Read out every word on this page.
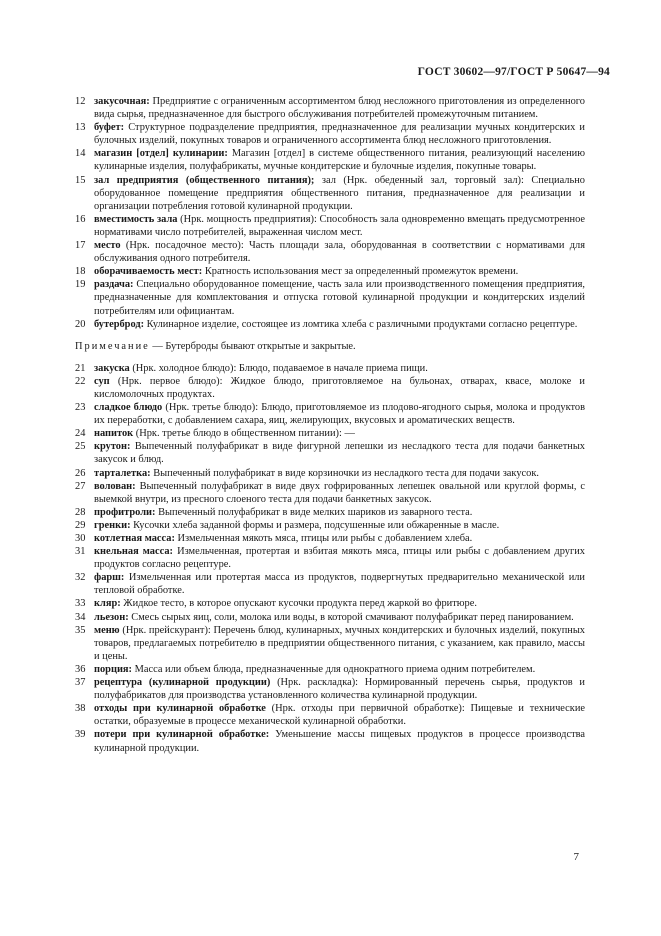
ГОСТ 30602—97/ГОСТ Р 50647—94
12 закусочная: Предприятие с ограниченным ассортиментом блюд несложного приготовления из определенного вида сырья, предназначенное для быстрого обслуживания потребителей промежуточным питанием.
13 буфет: Структурное подразделение предприятия, предназначенное для реализации мучных кондитерских и булочных изделий, покупных товаров и ограниченного ассортимента блюд несложного приготовления.
14 магазин [отдел] кулинарии: Магазин [отдел] в системе общественного питания, реализующий населению кулинарные изделия, полуфабрикаты, мучные кондитерские и булочные изделия, покупные товары.
15 зал предприятия (общественного питания); зал (Нрк. обеденный зал, торговый зал): Специально оборудованное помещение предприятия общественного питания, предназначенное для реализации и организации потребления готовой кулинарной продукции.
16 вместимость зала (Нрк. мощность предприятия): Способность зала одновременно вмещать предусмотренное нормативами число потребителей, выраженная числом мест.
17 место (Нрк. посадочное место): Часть площади зала, оборудованная в соответствии с нормативами для обслуживания одного потребителя.
18 оборачиваемость мест: Кратность использования мест за определенный промежуток времени.
19 раздача: Специально оборудованное помещение, часть зала или производственного помещения предприятия, предназначенные для комплектования и отпуска готовой кулинарной продукции и кондитерских изделий потребителям или официантам.
20 бутерброд: Кулинарное изделие, состоящее из ломтика хлеба с различными продуктами согласно рецептуре.
Примечание — Бутерброды бывают открытые и закрытые.
21 закуска (Нрк. холодное блюдо): Блюдо, подаваемое в начале приема пищи.
22 суп (Нрк. первое блюдо): Жидкое блюдо, приготовляемое на бульонах, отварах, квасе, молоке и кисломолочных продуктах.
23 сладкое блюдо (Нрк. третье блюдо): Блюдо, приготовляемое из плодово-ягодного сырья, молока и продуктов их переработки, с добавлением сахара, яиц, желирующих, вкусовых и ароматических веществ.
24 напиток (Нрк. третье блюдо в общественном питании): —
25 крутон: Выпеченный полуфабрикат в виде фигурной лепешки из несладкого теста для подачи банкетных закусок и блюд.
26 тарталетка: Выпеченный полуфабрикат в виде корзиночки из несладкого теста для подачи закусок.
27 волован: Выпеченный полуфабрикат в виде двух гофрированных лепешек овальной или круглой формы, с выемкой внутри, из пресного слоеного теста для подачи банкетных закусок.
28 профитроли: Выпеченный полуфабрикат в виде мелких шариков из заварного теста.
29 гренки: Кусочки хлеба заданной формы и размера, подсушенные или обжаренные в масле.
30 котлетная масса: Измельченная мякоть мяса, птицы или рыбы с добавлением хлеба.
31 кнельная масса: Измельченная, протертая и взбитая мякоть мяса, птицы или рыбы с добавлением других продуктов согласно рецептуре.
32 фарш: Измельченная или протертая масса из продуктов, подвергнутых предварительно механической или тепловой обработке.
33 кляр: Жидкое тесто, в которое опускают кусочки продукта перед жаркой во фритюре.
34 льезон: Смесь сырых яиц, соли, молока или воды, в которой смачивают полуфабрикат перед панированием.
35 меню (Нрк. прейскурант): Перечень блюд, кулинарных, мучных кондитерских и булочных изделий, покупных товаров, предлагаемых потребителю в предприятии общественного питания, с указанием, как правило, массы и цены.
36 порция: Масса или объем блюда, предназначенные для однократного приема одним потребителем.
37 рецептура (кулинарной продукции) (Нрк. раскладка): Нормированный перечень сырья, продуктов и полуфабрикатов для производства установленного количества кулинарной продукции.
38 отходы при кулинарной обработке (Нрк. отходы при первичной обработке): Пищевые и технические остатки, образуемые в процессе механической кулинарной обработки.
39 потери при кулинарной обработке: Уменьшение массы пищевых продуктов в процессе производства кулинарной продукции.
7
